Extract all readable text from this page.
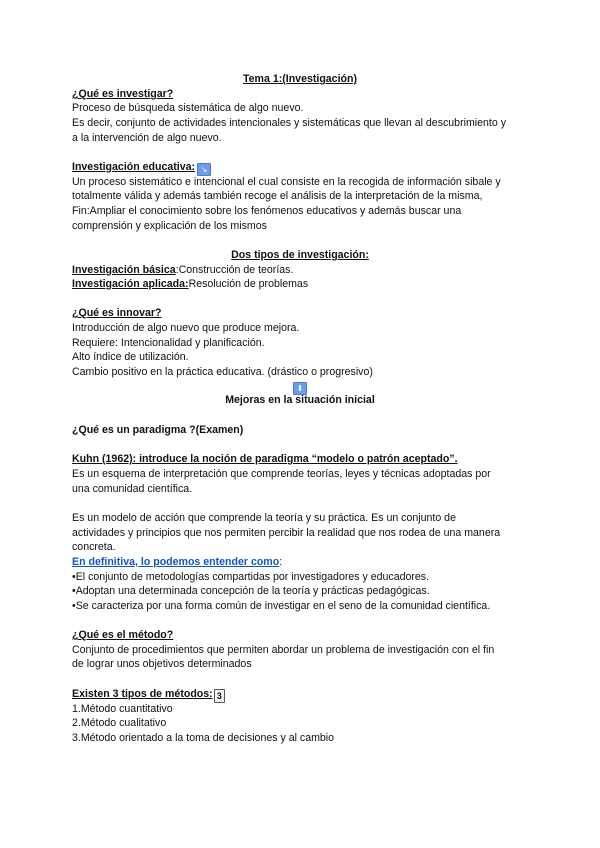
Tema 1:(Investigación)
¿Qué es investigar?
Proceso de búsqueda sistemática de algo nuevo.
Es decir, conjunto de actividades intencionales y sistemáticas que llevan al descubrimiento y
a la intervención de algo nuevo.
Investigación educativa: ↘
Un proceso sistemático e intencional el cual consiste en la recogida de información sibale y
totalmente válida y además también recoge el análisis de la interpretación de la misma,
Fin:Ampliar el conocimiento sobre los fenómenos educativos y además buscar una
comprensión y explicación de los mismos
Dos tipos de investigación:
Investigación básica:Construcción de teorías.
Investigación aplicada:Resolución de problemas
¿Qué es innovar?
Introducción de algo nuevo que produce mejora.
Requiere: Intencionalidad y planificación.
Alto índice de utilización.
Cambio positivo en la práctica educativa. (drástico o progresivo)
⬇
Mejoras en la situación inicial
¿Qué es un paradigma ?(Examen)
Kuhn (1962): introduce la noción de paradigma “modelo o patrón aceptado”.
Es un esquema de interpretación que comprende teorías, leyes y técnicas adoptadas por
una comunidad científica.
Es un modelo de acción que comprende la teoría y su práctica. Es un conjunto de
actividades y principios que nos permiten percibir la realidad que nos rodea de una manera
concreta.
En definitiva, lo podemos entender como:
•El conjunto de metodologías compartidas por investigadores y educadores.
•Adoptan una determinada concepción de la teoría y prácticas pedagógicas.
•Se caracteriza por una forma común de investigar en el seno de la comunidad científica.
¿Qué es el método?
Conjunto de procedimientos que permiten abordar un problema de investigación con el fin
de lograr unos objetivos determinados
Existen 3 tipos de métodos: 3
1.Método cuantitativo
2.Método cualitativo
3.Método orientado a la toma de decisiones y al cambio
